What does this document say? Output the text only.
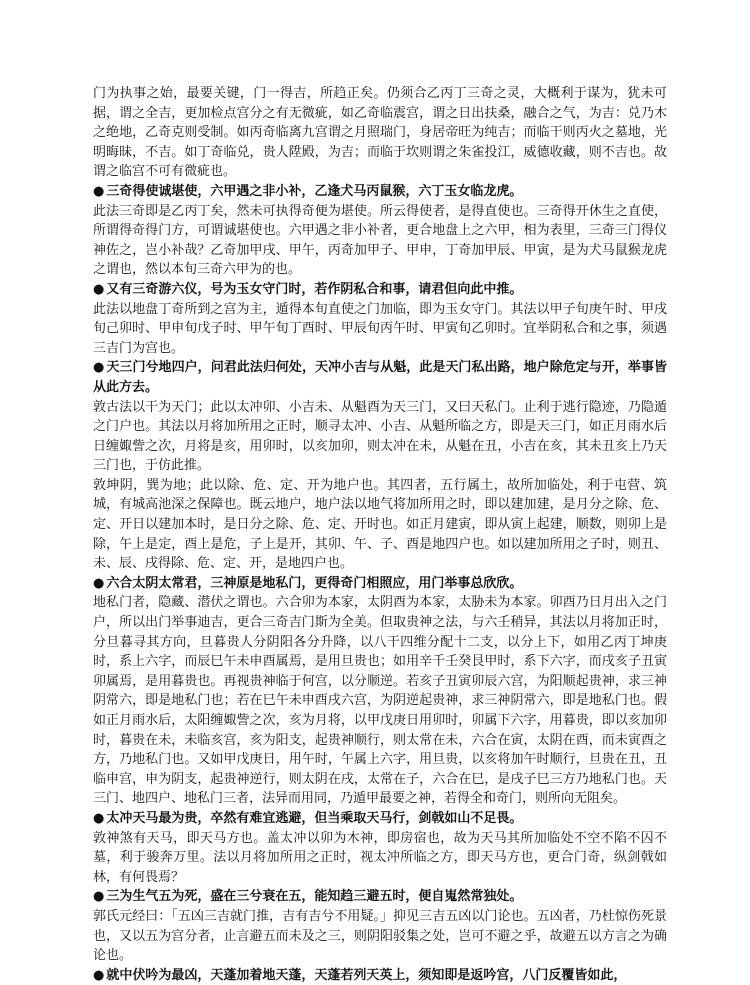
门为执事之始，最要关键，门一得吉，所趋正矣。仍须合乙丙丁三奇之灵，大概利于谋为，犹未可据，谓之全吉，更加检点宫分之有无微疵，如乙奇临震宫，谓之日出扶桑，融合之气，为吉：兑乃木之绝地，乙奇克则受制。如丙奇临离九宫谓之月照瑞门，身居帝旺为纯吉；而临干则丙火之墓地，光明晦昧，不吉。如丁奇临兑，贵人陞殿，为吉；而临于坎则谓之朱雀投江，威德收藏，则不吉也。故谓之临宫不可有微疵也。

● 三奇得使诚堪使，六甲遇之非小补，乙逢犬马丙鼠猴，六丁玉女临龙虎。

此法三奇即是乙丙丁矣，然未可执得奇便为堪使。所云得使者，是得直使也。三奇得开休生之直使，所谓得奇得门方，可谓诚堪使也。六甲遇之非小补者，更合地盘上之六甲，相为表里，三奇三门得仪神佐之，岂小补哉？乙奇加甲戌、甲午，丙奇加甲子、甲申，丁奇加甲辰、甲寅，是为犬马鼠猴龙虎之谓也，然以本旬三奇六甲为的也。

● 又有三奇游六仪，号为玉女守门时，若作阴私合和事，请君但向此中推。

此法以地盘丁奇所到之宫为主，遁得本旬直使之门加临，即为玉女守门。其法以甲子旬庚午时、甲戌旬己卯时、甲申旬戊子时、甲午旬丁酉时、甲辰旬丙午时、甲寅旬乙卯时。宜举阴私合和之事，须遇三吉门为宫也。

● 天三门兮地四户，问君此法归何处，天冲小吉与从魁，此是天门私出路，地户除危定与开，举事皆从此方去。

敦古法以干为天门；此以太冲卯、小吉未、从魁酉为天三门，又曰天私门。止利于逃行隐迹，乃隐遁之门户也。其法以月将加所用之正时，顺寻太冲、小吉、从魁所临之方，即是天三门，如正月雨水后日缠娵訾之次，月将是亥，用卯时，以亥加卯，则太冲在未，从魁在丑，小吉在亥，其未丑亥上乃天三门也，于仿此推。

敦坤阴，巽为地；此以除、危、定、开为地户也。其四者，五行属土，故所加临处，利于屯营、筑城，有城高池深之保障也。既云地户，地户法以地气将加所用之时，即以建加建，是月分之除、危、定、开日以建加本时，是日分之除、危、定、开时也。如正月建寅，即从寅上起建，顺数，则卯上是除，午上是定，酉上是危，子上是开，其卯、午、子、酉是地四户也。如以建加所用之子时，则丑、未、辰、戌得除、危、定、开，是地四户也。

● 六合太阴太常君，三神原是地私门，更得奇门相照应，用门举事总欣欣。

地私门者，隐藏、潜伏之谓也。六合卯为本家，太阴酉为本家，太胁未为本家。卯酉乃日月出入之门户，所以出门举事迪吉，更合三奇吉门斯为全美。但取贵神之法，与六壬稍异，其法以月将加正时，分旦暮寻其方向，旦暮贵人分阴阳各分升降，以八干四维分配十二支，以分上下，如用乙丙丁坤庚时，系上六字，而辰巳午未申酉属焉，是用旦贵也；如用辛千壬癸艮甲时，系下六字，而戌亥子丑寅卯属焉，是用暮贵也。再视贵神临于何宫，以分顺逆。若亥子丑寅卯辰六宫，为阳顺起贵神，求三神阴常六，即是地私门也；若在巳午未申酉戌六宫，为阴逆起贵神，求三神阴常六，即是地私门也。假如正月雨水后，太阳缠娵訾之次，亥为月将，以甲戊庚日用卯时，卯属下六字，用暮贵，即以亥加卯时，暮贵在未，未临亥宫，亥为阳支，起贵神顺行，则太常在未，六合在寅，太阴在酉，而未寅酉之方，乃地私门也。又如甲戊庚日，用午时，午属上六字，用旦贵，以亥将加午时顺行，旦贵在丑，丑临申宫，申为阴支，起贵神逆行，则太阴在戌，太常在子，六合在巳，是戌子巳三方乃地私门也。天三门、地四户、地私门三者，法异而用同，乃遁甲最要之神，若得全和奇门，则所向无阻矣。

● 太冲天马最为贵，卒然有难宜逃避，但当乘取天马行，剑戟如山不足畏。

敦神煞有天马，即天马方也。盖太冲以卯为木神，即房宿也，故为天马其所加临处不空不陷不囚不墓，利于骏奔万里。法以月将加所用之正时，视太冲所临之方，即天马方也，更合门奇，纵剑戟如林，有何畏焉？

● 三为生气五为死，盛在三兮衰在五，能知趋三避五时，便自嵬然常独处。

郭氏元经曰：「五凶三吉就门推，吉有吉兮不用疑。」抑见三吉五凶以门论也。五凶者，乃杜惊伤死景也，又以五为宫分者，止言避五而未及之三，则阴阳驳集之处，岂可不避之乎，故避五以方言之为确论也。

● 就中伏吟为最凶，天蓬加着地天蓬，天蓬若列天英上，须知即是返吟宫，八门反覆皆如此，
